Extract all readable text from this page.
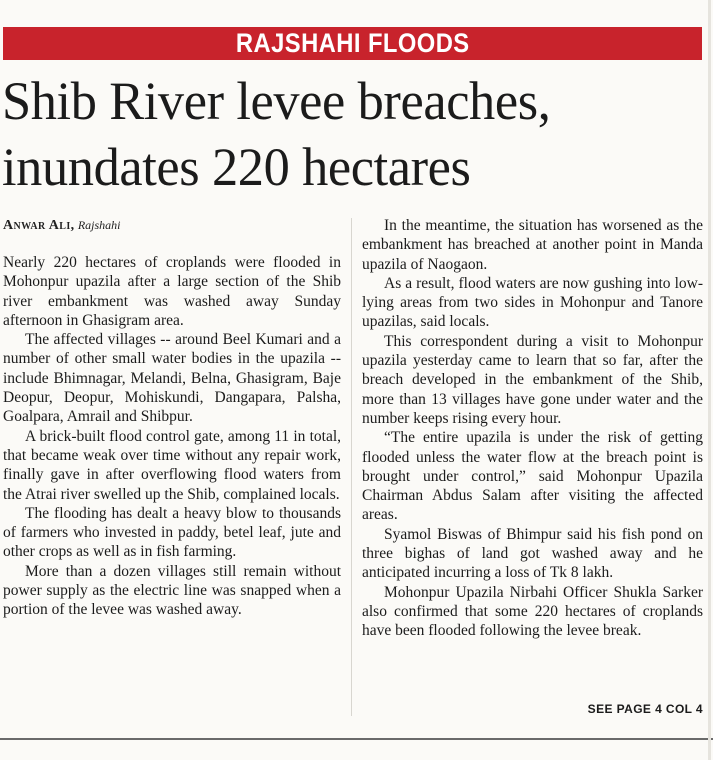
RAJSHAHI FLOODS
Shib River levee breaches,
inundates 220 hectares
Anwar Ali, Rajshahi

Nearly 220 hectares of croplands were flooded in Mohonpur upazila after a large section of the Shib river embankment was washed away Sunday afternoon in Ghasigram area.

The affected villages -- around Beel Kumari and a number of other small water bodies in the upazila -- include Bhimnagar, Melandi, Belna, Ghasigram, Baje Deopur, Deopur, Mohiskundi, Dangapara, Palsha, Goalpara, Amrail and Shibpur.

A brick-built flood control gate, among 11 in total, that became weak over time without any repair work, finally gave in after overflowing flood waters from the Atrai river swelled up the Shib, complained locals.

The flooding has dealt a heavy blow to thousands of farmers who invested in paddy, betel leaf, jute and other crops as well as in fish farming.

More than a dozen villages still remain without power supply as the electric line was snapped when a portion of the levee was washed away.

In the meantime, the situation has worsened as the embankment has breached at another point in Manda upazila of Naogaon.

As a result, flood waters are now gushing into low-lying areas from two sides in Mohonpur and Tanore upazilas, said locals.

This correspondent during a visit to Mohonpur upazila yesterday came to learn that so far, after the breach developed in the embankment of the Shib, more than 13 villages have gone under water and the number keeps rising every hour.

“The entire upazila is under the risk of getting flooded unless the water flow at the breach point is brought under control,” said Mohonpur Upazila Chairman Abdus Salam after visiting the affected areas.

Syamol Biswas of Bhimpur said his fish pond on three bighas of land got washed away and he anticipated incurring a loss of Tk 8 lakh.

Mohonpur Upazila Nirbahi Officer Shukla Sarker also confirmed that some 220 hectares of croplands have been flooded following the levee break.

SEE PAGE 4 COL 4
